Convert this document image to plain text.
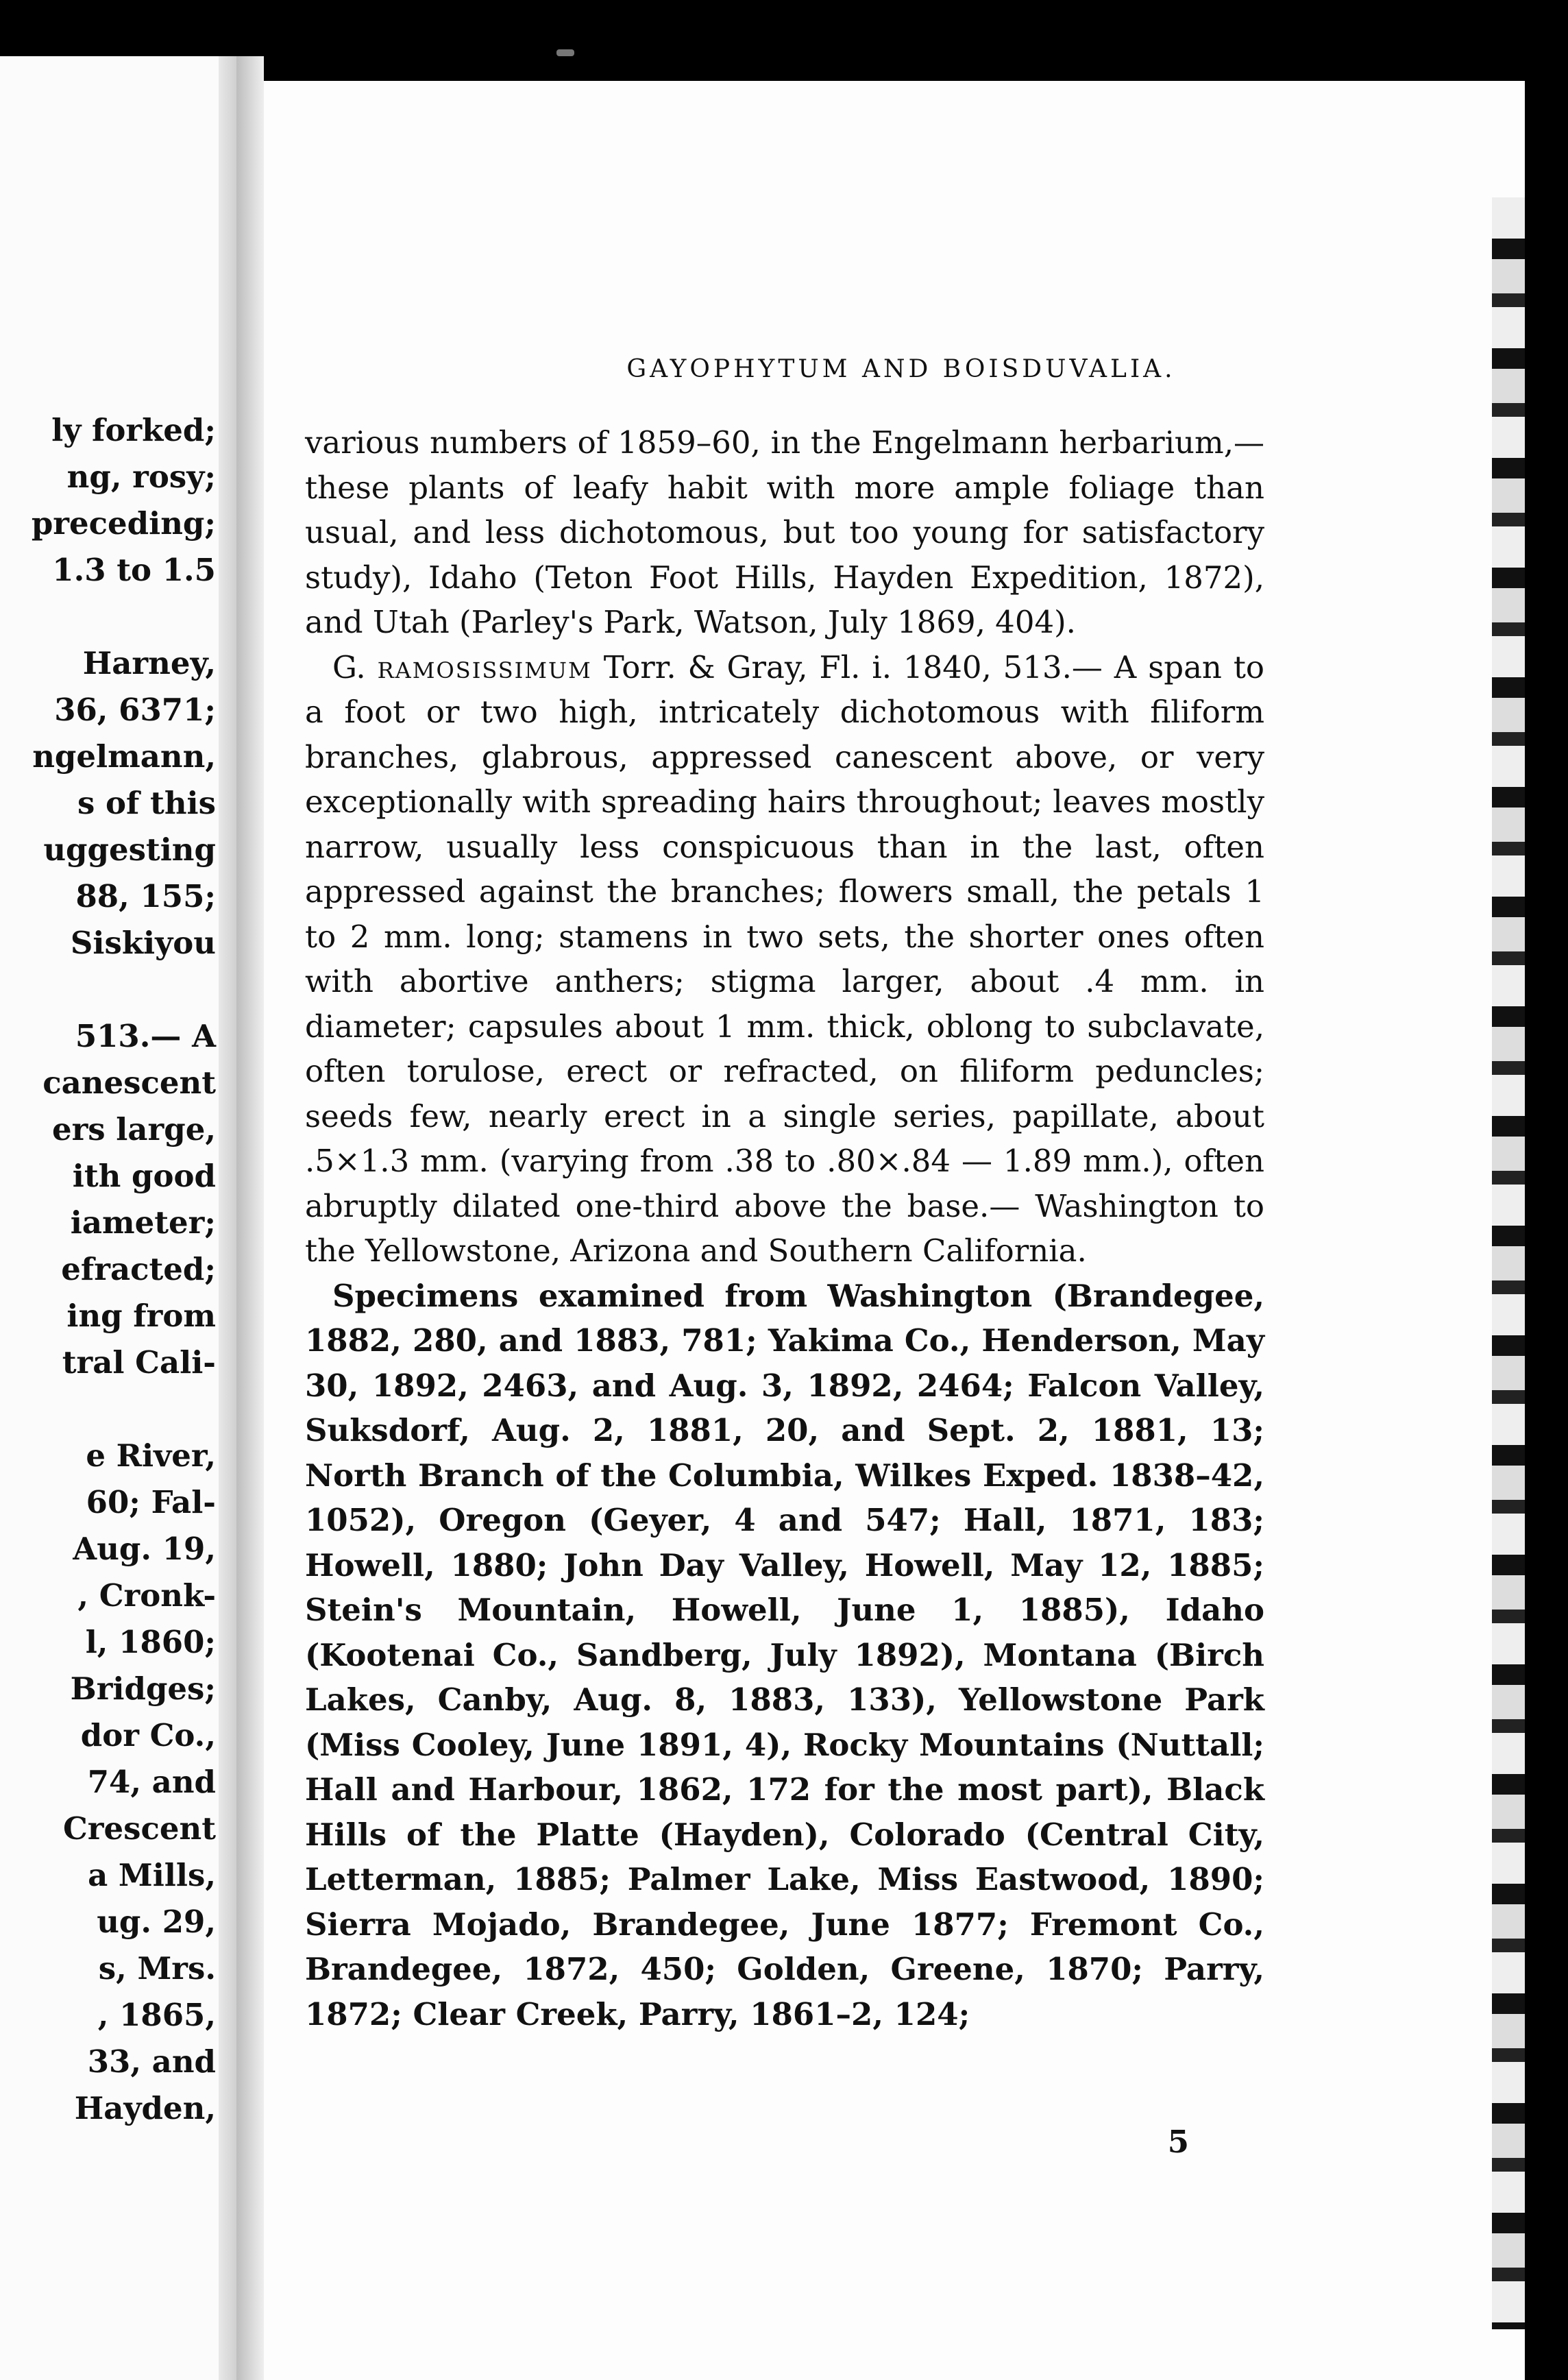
ly forked;
ng, rosy;
preceding;
1.3 to 1.5
Harney,
36, 6371;
ngelmann,
s of this
uggesting
88, 155;
Siskiyou
513.— A
canescent
ers large,
ith good
iameter;
efracted;
ing from
tral Cali-
e River,
60; Fal-
Aug. 19,
, Cronk-
l, 1860;
Bridges;
dor Co.,
74, and
Crescent
a Mills,
ug. 29,
s, Mrs.
, 1865,
33, and
Hayden,
GAYOPHYTUM AND BOISDUVALIA.

various numbers of 1859–60, in the Engelmann herbarium,—these plants of leafy habit with more ample foliage than usual, and less dichotomous, but too young for satisfactory study), Idaho (Teton Foot Hills, Hayden Expedition, 1872), and Utah (Parley's Park, Watson, July 1869, 404).

G. ramosissimum Torr. & Gray, Fl. i. 1840, 513.— A span to a foot or two high, intricately dichotomous with filiform branches, glabrous, appressed canescent above, or very exceptionally with spreading hairs throughout; leaves mostly narrow, usually less conspicuous than in the last, often appressed against the branches; flowers small, the petals 1 to 2 mm. long; stamens in two sets, the shorter ones often with abortive anthers; stigma larger, about .4 mm. in diameter; capsules about 1 mm. thick, oblong to subclavate, often torulose, erect or refracted, on filiform peduncles; seeds few, nearly erect in a single series, papillate, about .5×1.3 mm. (varying from .38 to .80×.84 — 1.89 mm.), often abruptly dilated one-third above the base.— Washington to the Yellowstone, Arizona and Southern California.

Specimens examined from Washington (Brandegee, 1882, 280, and 1883, 781; Yakima Co., Henderson, May 30, 1892, 2463, and Aug. 3, 1892, 2464; Falcon Valley, Suksdorf, Aug. 2, 1881, 20, and Sept. 2, 1881, 13; North Branch of the Columbia, Wilkes Exped. 1838–42, 1052), Oregon (Geyer, 4 and 547; Hall, 1871, 183; Howell, 1880; John Day Valley, Howell, May 12, 1885; Stein's Mountain, Howell, June 1, 1885), Idaho (Kootenai Co., Sandberg, July 1892), Montana (Birch Lakes, Canby, Aug. 8, 1883, 133), Yellowstone Park (Miss Cooley, June 1891, 4), Rocky Mountains (Nuttall; Hall and Harbour, 1862, 172 for the most part), Black Hills of the Platte (Hayden), Colorado (Central City, Letterman, 1885; Palmer Lake, Miss Eastwood, 1890; Sierra Mojado, Brandegee, June 1877; Fremont Co., Brandegee, 1872, 450; Golden, Greene, 1870; Parry, 1872; Clear Creek, Parry, 1861–2, 124;

5
